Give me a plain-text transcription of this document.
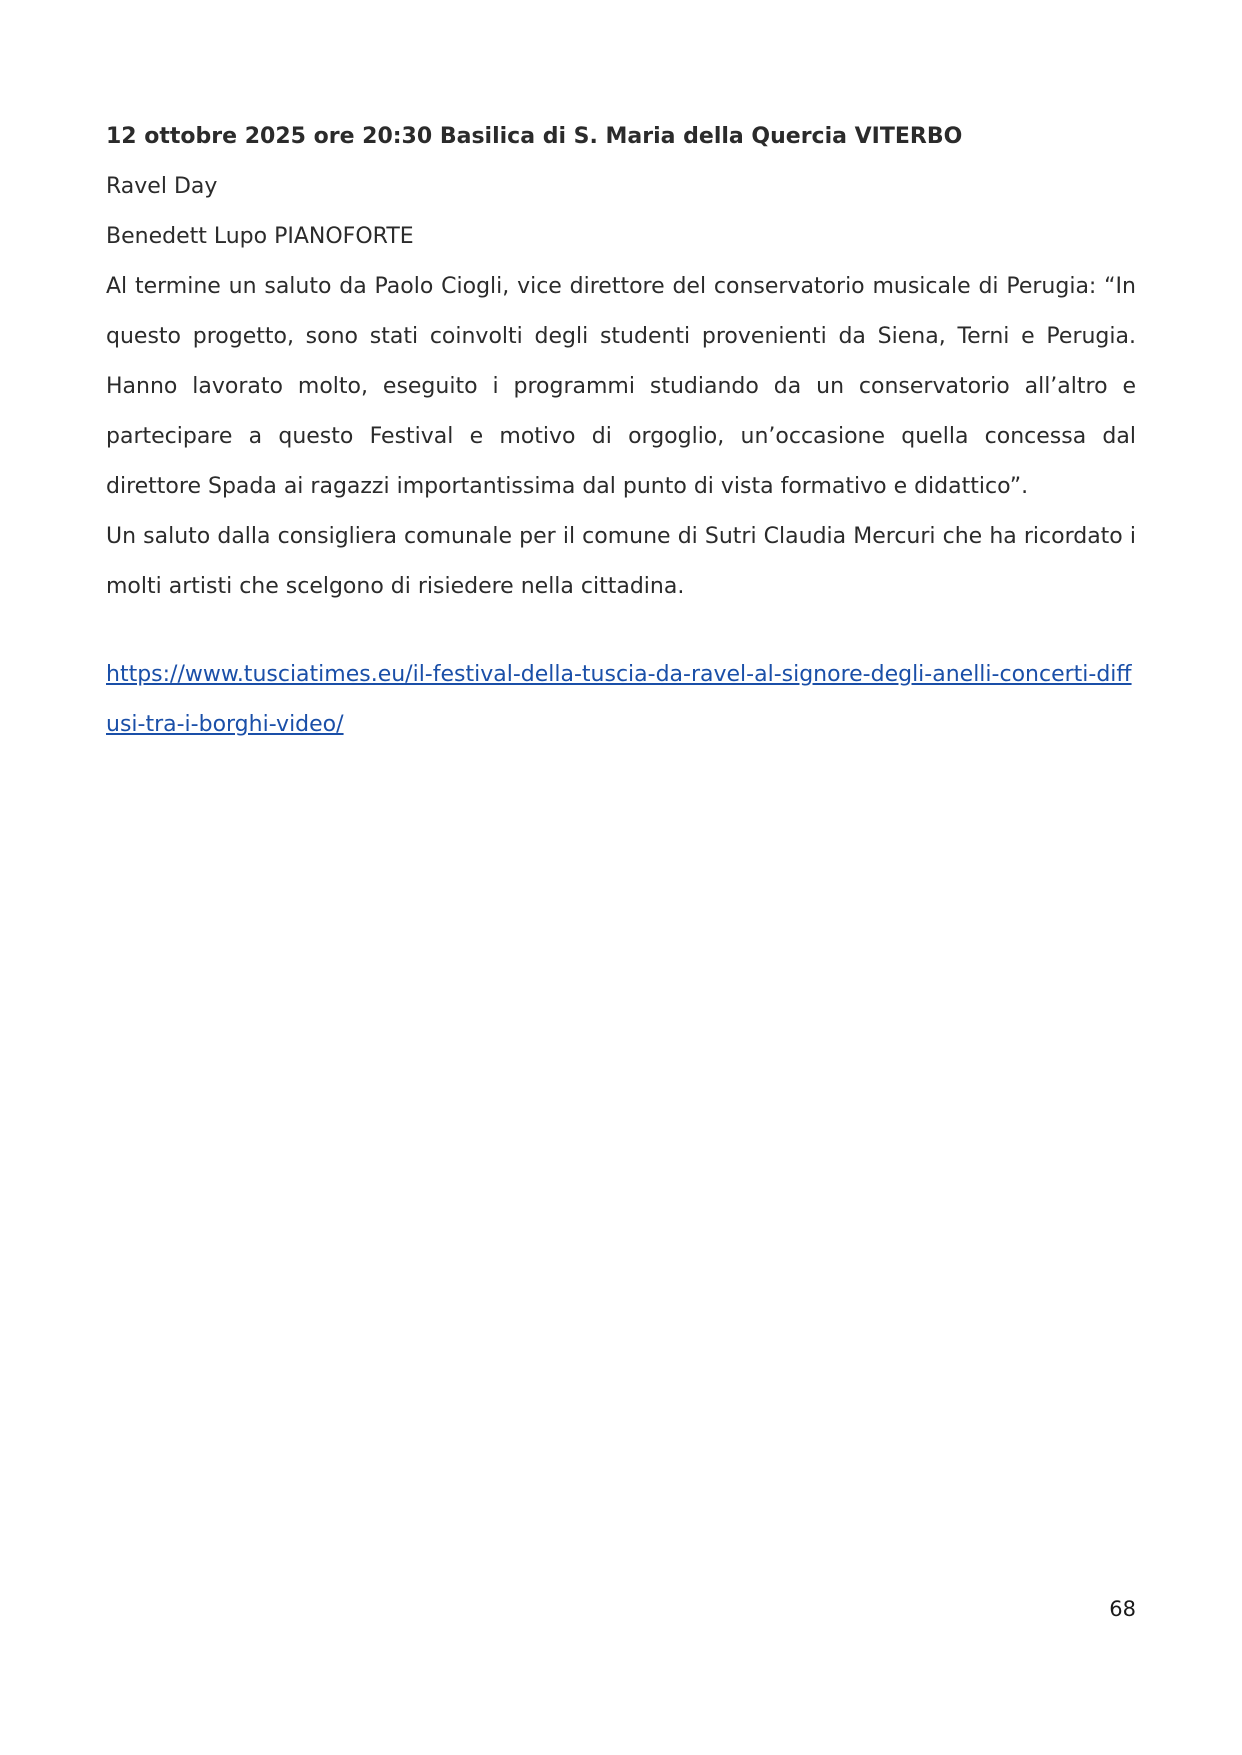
12 ottobre 2025 ore 20:30 Basilica di S. Maria della Quercia VITERBO

Ravel Day

Benedett Lupo PIANOFORTE

Al termine un saluto da Paolo Ciogli, vice direttore del conservatorio musicale di Perugia: “In questo progetto, sono stati coinvolti degli studenti provenienti da Siena, Terni e Perugia. Hanno lavorato molto, eseguito i programmi studiando da un conservatorio all’altro e partecipare a questo Festival e motivo di orgoglio, un’occasione quella concessa dal direttore Spada ai ragazzi importantissima dal punto di vista formativo e didattico”.

Un saluto dalla consigliera comunale per il comune di Sutri Claudia Mercuri che ha ricordato i molti artisti che scelgono di risiedere nella cittadina.

https://www.tusciatimes.eu/il-festival-della-tuscia-da-ravel-al-signore-degli-anelli-concerti-diffusi-tra-i-borghi-video/

68
